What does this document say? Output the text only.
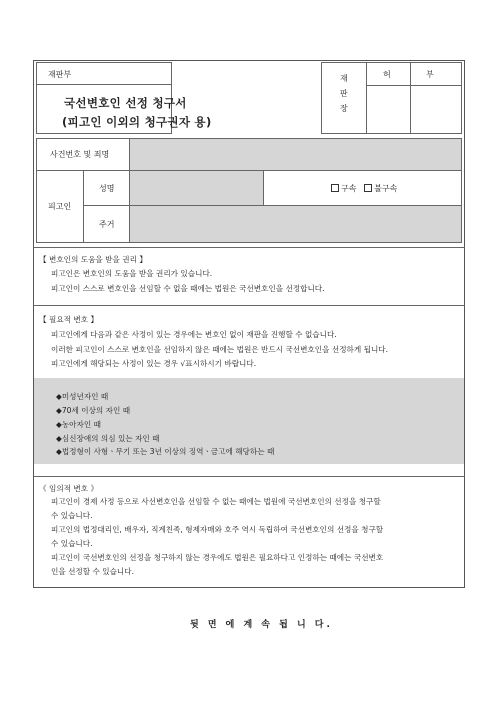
재판부
국선변호인 선정 청구서
(피고인 이외의 청구권자 용)
재
판
장
허	부
사건번호 및 죄명
피고인
성명
주거
구속 불구속
【 변호인의 도움을 받을 권리 】
피고인은 변호인의 도움을 받을 권리가 있습니다.
피고인이 스스로 변호인을 선임할 수 없을 때에는 법원은 국선변호인을 선정합니다.
【 필요적 변호 】
피고인에게 다음과 같은 사정이 있는 경우에는 변호인 없이 재판을 진행할 수 없습니다.
이러한 피고인이 스스로 변호인을 선임하지 않은 때에는 법원은 반드시 국선변호인을 선정하게 됩니다.
피고인에게 해당되는 사정이 있는 경우 √표시하시기 바랍니다.
◆미성년자인 때
◆70세 이상의 자인 때
◆농아자인 때
◆심신장애의 의심 있는 자인 때
◆법정형이 사형ㆍ무기 또는 3년 이상의 징역ㆍ금고에 해당하는 때
《 임의적 변호 》
피고인이 경제 사정 등으로 사선변호인을 선임할 수 없는 때에는 법원에 국선변호인의 선정을 청구할
수 있습니다.
피고인의 법정대리인, 배우자, 직계친족, 형제자매와 호주 역시 독립하여 국선변호인의 선정을 청구할
수 있습니다.
피고인이 국선변호인의 선정을 청구하지 않는 경우에도 법원은 필요하다고 인정하는 때에는 국선변호
인을 선정할 수 있습니다.
뒷 면 에 계 속 됩 니 다.
